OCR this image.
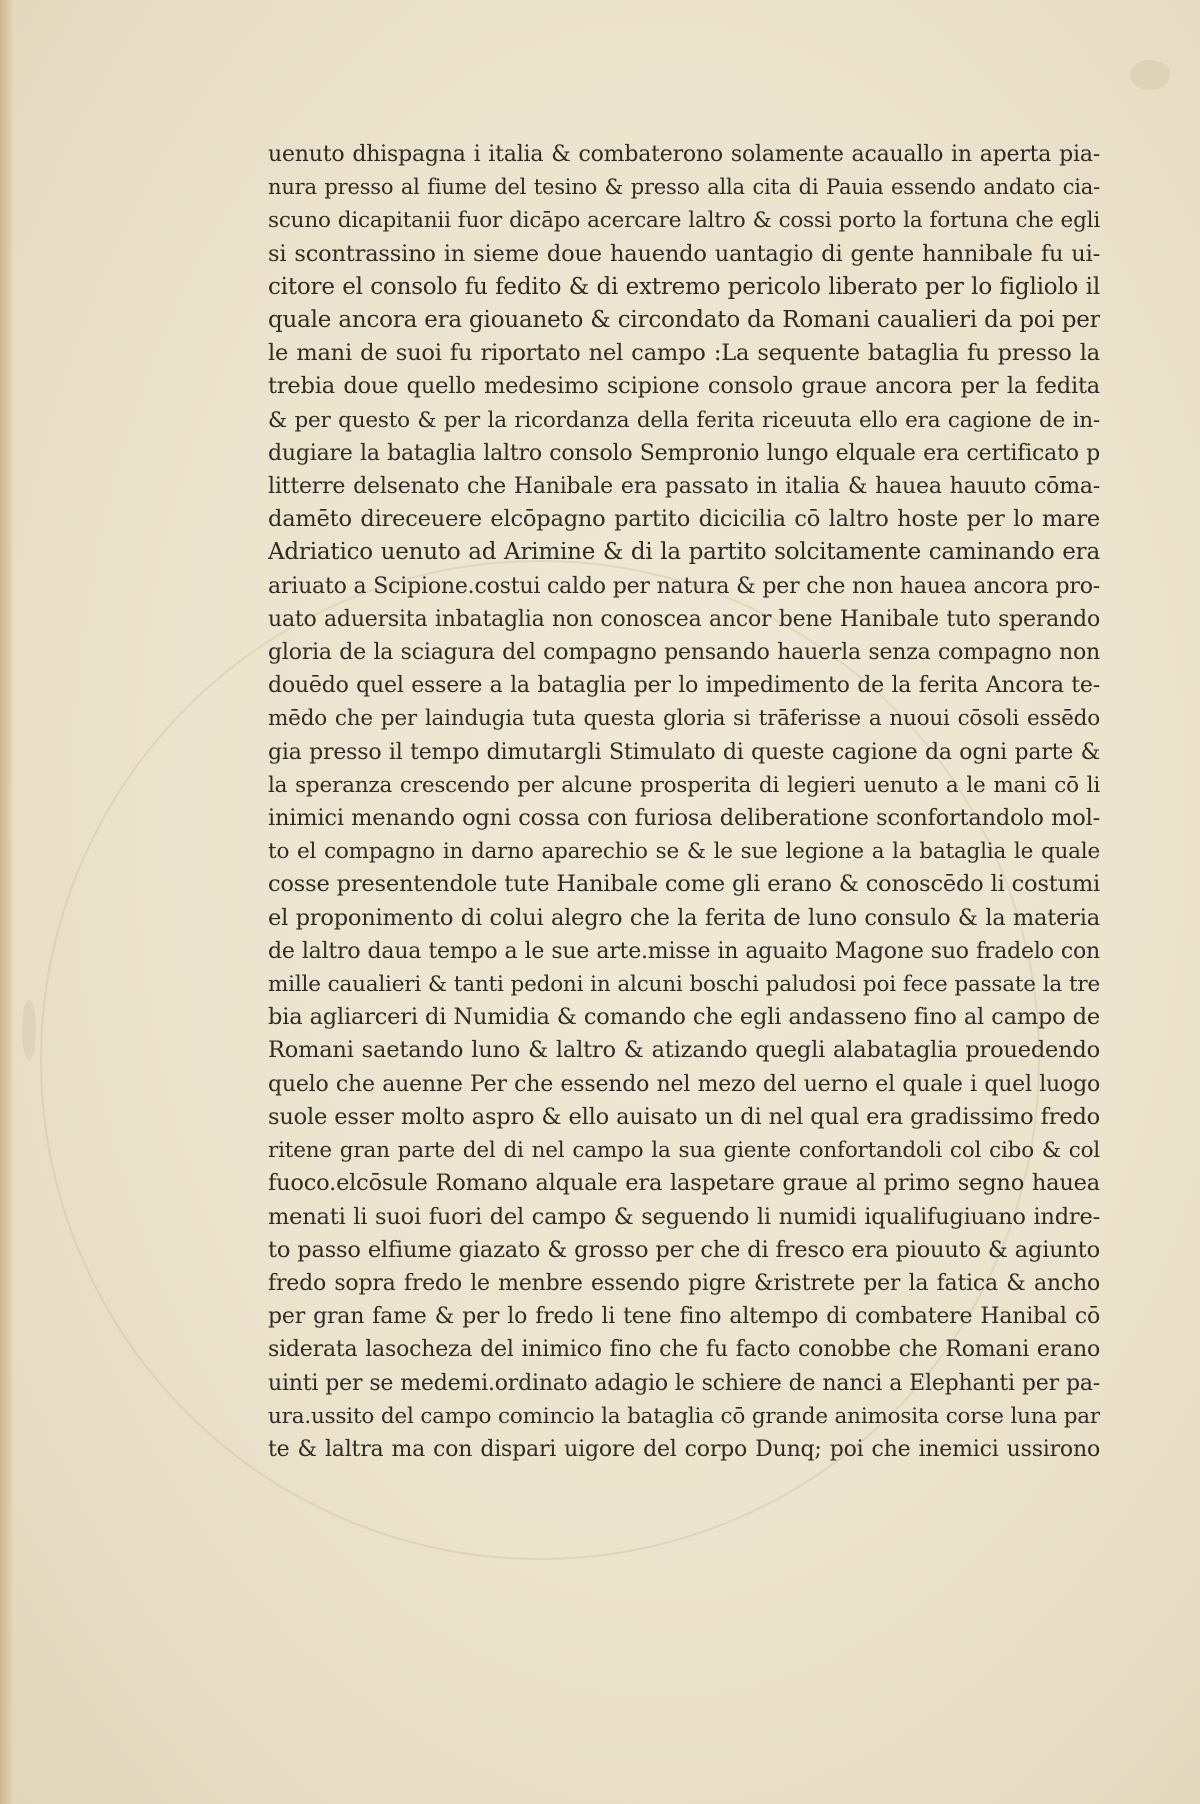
uenuto dhispagna i italia & combaterono solamente acauallo in aperta pia-
nura presso al fiume del tesino & presso alla cita di Pauia essendo andato cia-
scuno dicapitanii fuor dicāpo acercare laltro & cossi porto la fortuna che egli
si scontrassino in sieme doue hauendo uantagio di gente hannibale fu ui-
citore el consolo fu fedito & di extremo pericolo liberato per lo figliolo il
quale ancora era giouaneto & circondato da Romani caualieri da poi per
le mani de suoi fu riportato nel campo :La sequente bataglia fu presso la
trebia doue quello medesimo scipione consolo graue ancora per la fedita
& per questo & per la ricordanza della ferita riceuuta ello era cagione de in-
dugiare la bataglia laltro consolo Sempronio lungo elquale era certificato p
litterre delsenato che Hanibale era passato in italia & hauea hauuto cōma-
damēto direceuere elcōpagno partito dicicilia cō laltro hoste per lo mare
Adriatico uenuto ad Arimine & di la partito solcitamente caminando era
ariuato a Scipione.costui caldo per natura & per che non hauea ancora pro-
uato aduersita inbataglia non conoscea ancor bene Hanibale tuto sperando
gloria de la sciagura del compagno pensando hauerla senza compagno non
douēdo quel essere a la bataglia per lo impedimento de la ferita Ancora te-
mēdo che per laindugia tuta questa gloria si trāferisse a nuoui cōsoli essēdo
gia presso il tempo dimutargli Stimulato di queste cagione da ogni parte &
la speranza crescendo per alcune prosperita di legieri uenuto a le mani cō li
inimici menando ogni cossa con furiosa deliberatione sconfortandolo mol-
to el compagno in darno aparechio se & le sue legione a la bataglia le quale
cosse presentendole tute Hanibale come gli erano & conoscēdo li costumi
el proponimento di colui alegro che la ferita de luno consulo & la materia
de laltro daua tempo a le sue arte.misse in aguaito Magone suo fradelo con
mille caualieri & tanti pedoni in alcuni boschi paludosi poi fece passate la tre
bia agliarceri di Numidia & comando che egli andasseno fino al campo de
Romani saetando luno & laltro & atizando quegli alabataglia prouedendo
quelo che auenne Per che essendo nel mezo del uerno el quale i quel luogo
suole esser molto aspro & ello auisato un di nel qual era gradissimo fredo
ritene gran parte del di nel campo la sua giente confortandoli col cibo & col
fuoco.elcōsule Romano alquale era laspetare graue al primo segno hauea
menati li suoi fuori del campo & seguendo li numidi iqualifugiuano indre-
to passo elfiume giazato & grosso per che di fresco era piouuto & agiunto
fredo sopra fredo le menbre essendo pigre &ristrete per la fatica & ancho
per gran fame & per lo fredo li tene fino altempo di combatere Hanibal cō
siderata lasocheza del inimico fino che fu facto conobbe che Romani erano
uinti per se medemi.ordinato adagio le schiere de nanci a Elephanti per pa-
ura.ussito del campo comincio la bataglia cō grande animosita corse luna par
te & laltra ma con dispari uigore del corpo Dunq; poi che inemici ussirono
